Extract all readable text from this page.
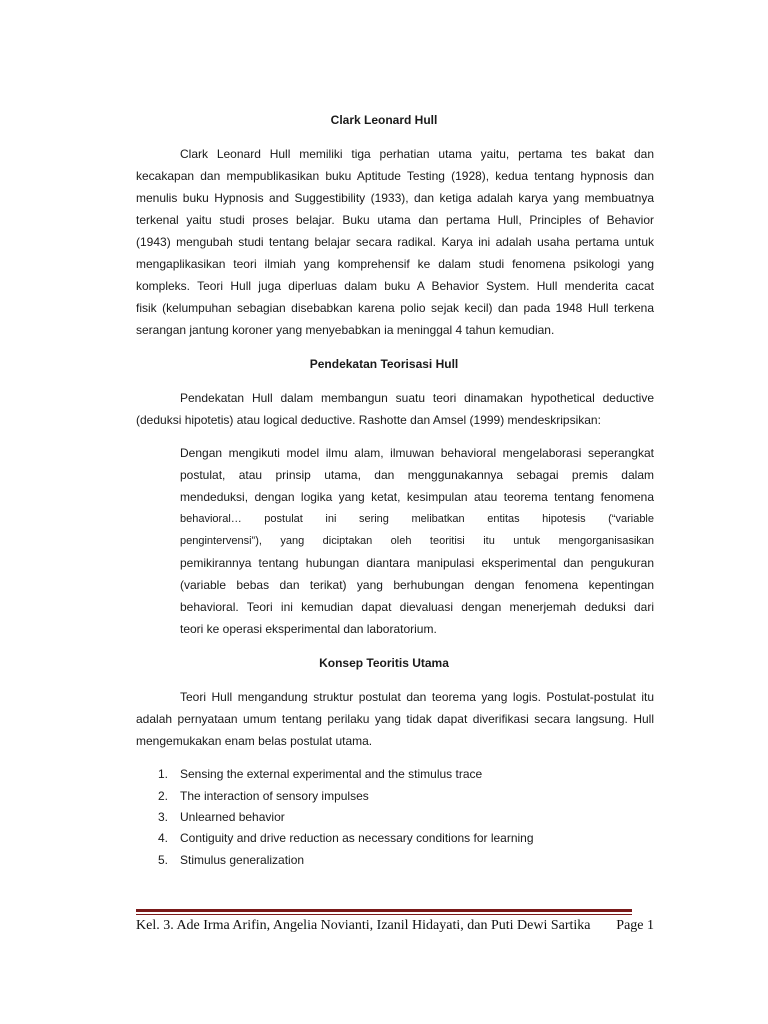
Clark Leonard Hull
Clark Leonard Hull memiliki tiga perhatian utama yaitu, pertama tes bakat dan
kecakapan dan mempublikasikan buku Aptitude Testing (1928), kedua tentang hypnosis dan
menulis buku Hypnosis and Suggestibility (1933), dan ketiga adalah karya yang membuatnya
terkenal yaitu studi proses belajar. Buku utama dan pertama Hull, Principles of Behavior
(1943) mengubah studi tentang belajar secara radikal. Karya ini adalah usaha pertama untuk
mengaplikasikan teori ilmiah yang komprehensif ke dalam studi fenomena psikologi yang
kompleks. Teori Hull juga diperluas dalam buku A Behavior System. Hull menderita cacat
fisik (kelumpuhan sebagian disebabkan karena polio sejak kecil) dan pada 1948 Hull terkena
serangan jantung koroner yang menyebabkan ia meninggal 4 tahun kemudian.
Pendekatan Teorisasi Hull
Pendekatan Hull dalam membangun suatu teori dinamakan hypothetical deductive
(deduksi hipotetis) atau logical deductive. Rashotte dan Amsel (1999) mendeskripsikan:
Dengan mengikuti model ilmu alam, ilmuwan behavioral mengelaborasi seperangkat
postulat, atau prinsip utama, dan menggunakannya sebagai premis dalam
mendeduksi, dengan logika yang ketat, kesimpulan atau teorema tentang fenomena
behavioral… postulat ini sering melibatkan entitas hipotesis (“variable
pengintervensi”), yang diciptakan oleh teoritisi itu untuk mengorganisasikan
pemikirannya tentang hubungan diantara manipulasi eksperimental dan pengukuran
(variable bebas dan terikat) yang berhubungan dengan fenomena kepentingan
behavioral. Teori ini kemudian dapat dievaluasi dengan menerjemah deduksi dari
teori ke operasi eksperimental dan laboratorium.
Konsep Teoritis Utama
Teori Hull mengandung struktur postulat dan teorema yang logis. Postulat-postulat itu
adalah pernyataan umum tentang perilaku yang tidak dapat diverifikasi secara langsung. Hull
mengemukakan enam belas postulat utama.
1. Sensing the external experimental and the stimulus trace
2. The interaction of sensory impulses
3. Unlearned behavior
4. Contiguity and drive reduction as necessary conditions for learning
5. Stimulus generalization
Kel. 3. Ade Irma Arifin, Angelia Novianti, Izanil Hidayati, dan Puti Dewi Sartika Page 1
